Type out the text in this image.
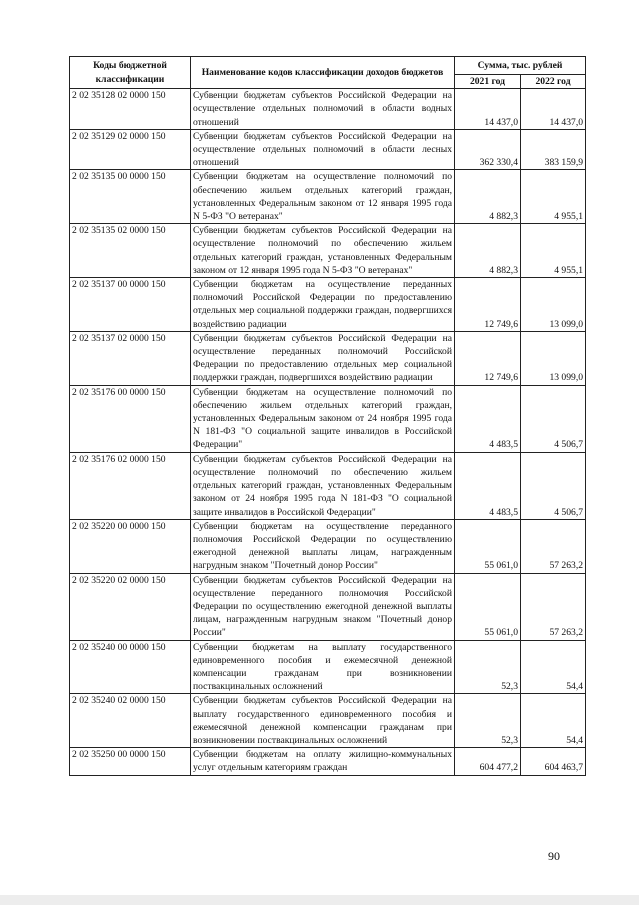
Коды бюджетной классификации	Наименование кодов классификации доходов бюджетов	Сумма, тыс. рублей	
		2021 год	2022 год
2 02 35128 02 0000 150	Субвенции бюджетам субъектов Российской Федерации на осуществление отдельных полномочий в области водных отношений	14 437,0	14 437,0
2 02 35129 02 0000 150	Субвенции бюджетам субъектов Российской Федерации на осуществление отдельных полномочий в области лесных отношений	362 330,4	383 159,9
2 02 35135 00 0000 150	Субвенции бюджетам на осуществление полномочий по обеспечению жильем отдельных категорий граждан, установленных Федеральным законом от 12 января 1995 года N 5-ФЗ "О ветеранах"	4 882,3	4 955,1
2 02 35135 02 0000 150	Субвенции бюджетам субъектов Российской Федерации на осуществление полномочий по обеспечению жильем отдельных категорий граждан, установленных Федеральным законом от 12 января 1995 года N 5-ФЗ "О ветеранах"	4 882,3	4 955,1
2 02 35137 00 0000 150	Субвенции бюджетам на осуществление переданных полномочий Российской Федерации по предоставлению отдельных мер социальной поддержки граждан, подвергшихся воздействию радиации	12 749,6	13 099,0
2 02 35137 02 0000 150	Субвенции бюджетам субъектов Российской Федерации на осуществление переданных полномочий Российской Федерации по предоставлению отдельных мер социальной поддержки граждан, подвергшихся воздействию радиации	12 749,6	13 099,0
2 02 35176 00 0000 150	Субвенции бюджетам на осуществление полномочий по обеспечению жильем отдельных категорий граждан, установленных Федеральным законом от 24 ноября 1995 года N 181-ФЗ "О социальной защите инвалидов в Российской Федерации"	4 483,5	4 506,7
2 02 35176 02 0000 150	Субвенции бюджетам субъектов Российской Федерации на осуществление полномочий по обеспечению жильем отдельных категорий граждан, установленных Федеральным законом от 24 ноября 1995 года N 181-ФЗ "О социальной защите инвалидов в Российской Федерации"	4 483,5	4 506,7
2 02 35220 00 0000 150	Субвенции бюджетам на осуществление переданного полномочия Российской Федерации по осуществлению ежегодной денежной выплаты лицам, награжденным нагрудным знаком "Почетный донор России"	55 061,0	57 263,2
2 02 35220 02 0000 150	Субвенции бюджетам субъектов Российской Федерации на осуществление переданного полномочия Российской Федерации по осуществлению ежегодной денежной выплаты лицам, награжденным нагрудным знаком "Почетный донор России"	55 061,0	57 263,2
2 02 35240 00 0000 150	Субвенции бюджетам на выплату государственного единовременного пособия и ежемесячной денежной компенсации гражданам при возникновении поствакцинальных осложнений	52,3	54,4
2 02 35240 02 0000 150	Субвенции бюджетам субъектов Российской Федерации на выплату государственного единовременного пособия и ежемесячной денежной компенсации гражданам при возникновении поствакцинальных осложнений	52,3	54,4
2 02 35250 00 0000 150	Субвенции бюджетам на оплату жилищно-коммунальных услуг отдельным категориям граждан	604 477,2	604 463,7
90
